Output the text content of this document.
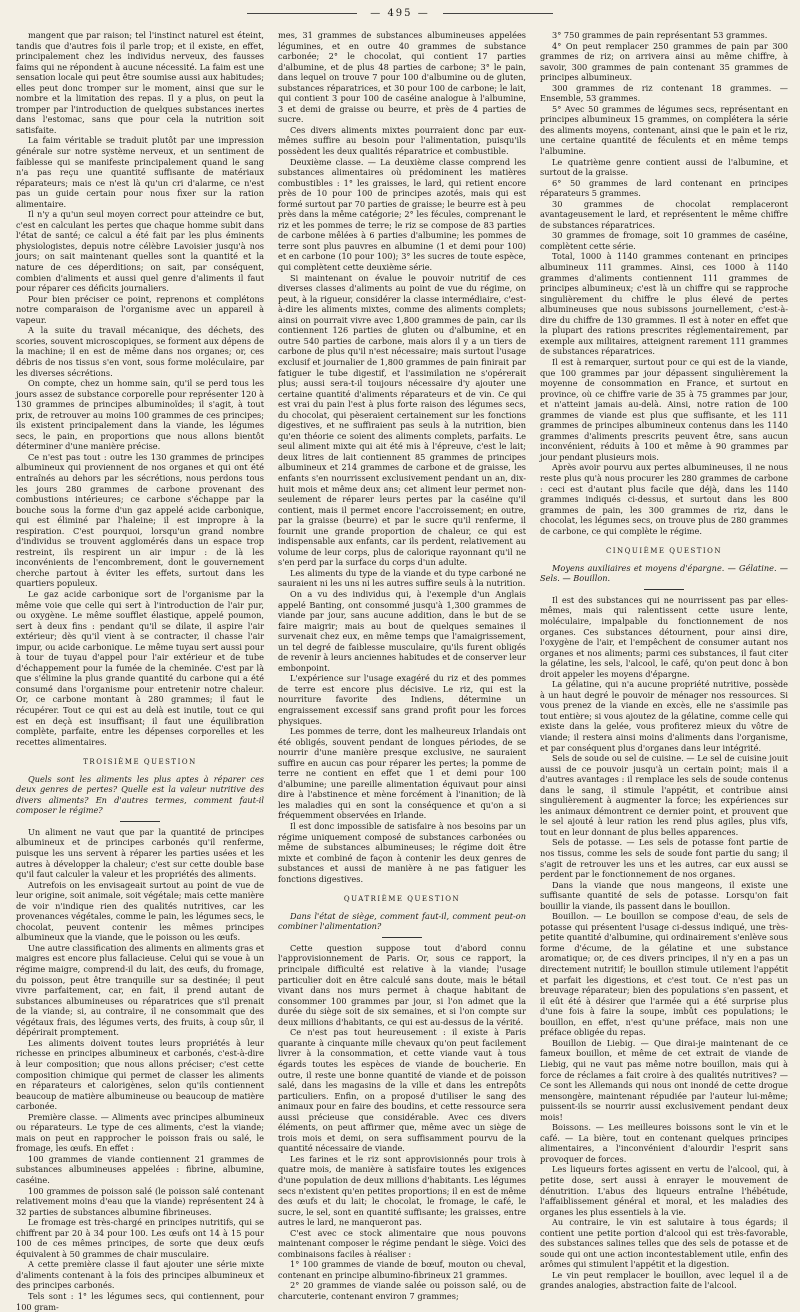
— 495 —

mangent que par raison; tel l'instinct naturel est éteint, tandis que d'autres fois il parle trop; et il existe, en effet, principalement chez les individus nerveux, des fausses faims qui ne répondent à aucune nécessité. La faim est une sensation locale qui peut être soumise aussi aux habitudes; elles peut donc tromper sur le moment, ainsi que sur le nombre et la limitation des repas. Il y a plus, on peut la tromper par l'introduction de quelques substances inertes dans l'estomac, sans que pour cela la nutrition soit satisfaite.

La faim véritable se traduit plutôt par une impression générale sur notre système nerveux, et un sentiment de faiblesse qui se manifeste principalement quand le sang n'a pas reçu une quantité suffisante de matériaux réparateurs; mais ce n'est là qu'un cri d'alarme, ce n'est pas un guide certain pour nous fixer sur la ration alimentaire.

Il n'y a qu'un seul moyen correct pour atteindre ce but, c'est en calculant les pertes que chaque homme subit dans l'état de santé; ce calcul a été fait par les plus éminents physiologistes, depuis notre célèbre Lavoisier jusqu'à nos jours; on sait maintenant quelles sont la quantité et la nature de ces déperditions; on sait, par conséquent, combien d'aliments et aussi quel genre d'aliments il faut pour réparer ces déficits journaliers.

Pour bien préciser ce point, reprenons et complétons notre comparaison de l'organisme avec un appareil à vapeur.

A la suite du travail mécanique, des déchets, des scories, souvent microscopiques, se forment aux dépens de la machine; il en est de même dans nos organes; or, ces débris de nos tissus s'en vont, sous forme moléculaire, par les diverses sécrétions.

On compte, chez un homme sain, qu'il se perd tous les jours assez de substance corporelle pour représenter 120 à 130 grammes de principes albuminoïdes; il s'agit, à tout prix, de retrouver au moins 100 grammes de ces principes; ils existent principalement dans la viande, les légumes secs, le pain, en proportions que nous allons bientôt déterminer d'une manière précise.

Ce n'est pas tout : outre les 130 grammes de principes albumineux qui proviennent de nos organes et qui ont été entraînés au dehors par les sécrétions, nous perdons tous les jours 280 grammes de carbone provenant des combustions intérieures; ce carbone s'échappe par la bouche sous la forme d'un gaz appelé acide carbonique, qui est éliminé par l'haleine; il est impropre à la respiration. C'est pourquoi, lorsqu'un grand nombre d'individus se trouvent agglomérés dans un espace trop restreint, ils respirent un air impur : de là les inconvénients de l'encombrement, dont le gouvernement cherche partout à éviter les effets, surtout dans les quartiers populeux.

Le gaz acide carbonique sort de l'organisme par la même voie que celle qui sert à l'introduction de l'air pur, ou oxygène. Le même soufflet élastique, appelé poumon, sert à deux fins : pendant qu'il se dilate, il aspire l'air extérieur; dès qu'il vient à se contracter, il chasse l'air impur, ou acide carbonique. Le même tuyau sert aussi pour à tour de tuyau d'appel pour l'air extérieur et de tube d'échappement pour la fumée de la cheminée. C'est par là que s'élimine la plus grande quantité du carbone qui a été consumé dans l'organisme pour entretenir notre chaleur. Or, ce carbone montant à 280 grammes; il faut le récupérer. Tout ce qui est au delà est inutile, tout ce qui est en deçà est insuffisant; il faut une équilibration complète, parfaite, entre les dépenses corporelles et les recettes alimentaires.

TROISIÈME QUESTION

Quels sont les aliments les plus aptes à réparer ces deux genres de pertes? Quelle est la valeur nutritive des divers aliments? En d'autres termes, comment faut-il composer le régime?

Un aliment ne vaut que par la quantité de principes albumineux et de principes carbonés qu'il renferme, puisque les uns servent à réparer les parties usées et les autres à développer la chaleur; c'est sur cette double base qu'il faut calculer la valeur et les propriétés des aliments.

Autrefois on les envisageait surtout au point de vue de leur origine, soit animale, soit végétale; mais cette manière de voir n'indique rien des qualités nutritives, car les provenances végétales, comme le pain, les légumes secs, le chocolat, peuvent contenir les mêmes principes albumineux que la viande, que le poisson ou les œufs.

Une autre classification des aliments en aliments gras et maigres est encore plus fallacieuse. Celui qui se voue à un régime maigre, comprend-il du lait, des œufs, du fromage, du poisson, peut être tranquille sur sa destinée; il peut vivre parfaitement, car, en fait, il prend autant de substances albumineuses ou réparatrices que s'il prenait de la viande; si, au contraire, il ne consommait que des végétaux frais, des légumes verts, des fruits, à coup sûr, il dépérirait promptement.

Les aliments doivent toutes leurs propriétés à leur richesse en principes albumineux et carbonés, c'est-à-dire à leur composition; que nous allons préciser; c'est cette composition chimique qui permet de classer les aliments en réparateurs et calorigènes, selon qu'ils contiennent beaucoup de matière albumineuse ou beaucoup de matière carbonée.

Première classe. — Aliments avec principes albumineux ou réparateurs. Le type de ces aliments, c'est la viande; mais on peut en rapprocher le poisson frais ou salé, le fromage, les œufs. En effet :

100 grammes de viande contiennent 21 grammes de substances albumineuses appelées : fibrine, albumine, caséine.

100 grammes de poisson salé (le poisson salé contenant relativement moins d'eau que la viande) représentent 24 à 32 parties de substances albumine fibrineuses.

Le fromage est très-chargé en principes nutritifs, qui se chiffrent par 20 à 34 pour 100. Les œufs ont 14 à 15 pour 100 de ces mêmes principes, de sorte que deux œufs équivalent à 50 grammes de chair musculaire.

A cette première classe il faut ajouter une série mixte d'aliments contenant à la fois des principes albumineux et des principes carbonés.

Tels sont : 1° les légumes secs, qui contiennent, pour 100 gram-

mes, 31 grammes de substances albumineuses appelées légumines, et en outre 40 grammes de substance carbonée; 2° le chocolat, qui contient 17 parties d'albumine, et de plus 48 parties de carbone; 3° le pain, dans lequel on trouve 7 pour 100 d'albumine ou de gluten, substances réparatrices, et 30 pour 100 de carbone; le lait, qui contient 3 pour 100 de caséine analogue à l'albumine, 3 et demi de graisse ou beurre, et près de 4 parties de sucre.

Ces divers aliments mixtes pourraient donc par eux-mêmes suffire au besoin pour l'alimentation, puisqu'ils possèdent les deux qualités réparatrice et combustible.

Deuxième classe. — La deuxième classe comprend les substances alimentaires où prédominent les matières combustibles : 1° les graisses, le lard, qui retient encore près de 10 pour 100 de principes azotés, mais qui est formé surtout par 70 parties de graisse; le beurre est à peu près dans la même catégorie; 2° les fécules, comprenant le riz et les pommes de terre; le riz se compose de 83 parties de carbone mêlées à 6 parties d'albumine; les pommes de terre sont plus pauvres en albumine (1 et demi pour 100) et en carbone (10 pour 100); 3° les sucres de toute espèce, qui complètent cette deuxième série.

Si maintenant on évalue le pouvoir nutritif de ces diverses classes d'aliments au point de vue du régime, on peut, à la rigueur, considérer la classe intermédiaire, c'est-à-dire les aliments mixtes, comme des aliments complets; ainsi on pourrait vivre avec 1,800 grammes de pain, car ils contiennent 126 parties de gluten ou d'albumine, et en outre 540 parties de carbone, mais alors il y a un tiers de carbone de plus qu'il n'est nécessaire; mais surtout l'usage exclusif et journalier de 1,800 grammes de pain finirait par fatiguer le tube digestif, et l'assimilation ne s'opérerait plus; aussi sera-t-il toujours nécessaire d'y ajouter une certaine quantité d'aliments réparateurs et de vin. Ce qui est vrai du pain l'est à plus forte raison des légumes secs, du chocolat, qui pèseraient certainement sur les fonctions digestives, et ne suffiraient pas seuls à la nutrition, bien qu'en théorie ce soient des aliments complets, parfaits. Le seul aliment mixte qui ait été mis à l'épreuve, c'est le lait; deux litres de lait contiennent 85 grammes de principes albumineux et 214 grammes de carbone et de graisse, les enfants s'en nourrissent exclusivement pendant un an, dix-huit mois et même deux ans; cet aliment leur permet non-seulement de réparer leurs pertes par la caséine qu'il contient, mais il permet encore l'accroissement; en outre, par la graisse (beurre) et par le sucre qu'il renferme, il fournit une grande proportion de chaleur, ce qui est indispensable aux enfants, car ils perdent, relativement au volume de leur corps, plus de calorique rayonnant qu'il ne s'en perd par la surface du corps d'un adulte.

Les aliments du type de la viande et du type carboné ne sauraient ni les uns ni les autres suffire seuls à la nutrition.

On a vu des individus qui, à l'exemple d'un Anglais appelé Banting, ont consommé jusqu'à 1,300 grammes de viande par jour, sans aucune addition, dans le but de se faire maigrir; mais au bout de quelques semaines il survenait chez eux, en même temps que l'amaigrissement, un tel degré de faiblesse musculaire, qu'ils furent obligés de revenir à leurs anciennes habitudes et de conserver leur embonpoint.

L'expérience sur l'usage exagéré du riz et des pommes de terre est encore plus décisive. Le riz, qui est la nourriture favorite des Indiens, détermine un engraissement excessif sans grand profit pour les forces physiques.

Les pommes de terre, dont les malheureux Irlandais ont été obligés, souvent pendant de longues périodes, de se nourrir d'une manière presque exclusive, ne sauraient suffire en aucun cas pour réparer les pertes; la pomme de terre ne contient en effet que 1 et demi pour 100 d'albumine; une pareille alimentation équivaut pour ainsi dire à l'abstinence et mène forcément à l'inanition; de là les maladies qui en sont la conséquence et qu'on a si fréquemment observées en Irlande.

Il est donc impossible de satisfaire à nos besoins par un régime uniquement composé de substances carbonées ou même de substances albumineuses; le régime doit être mixte et combiné de façon à contenir les deux genres de substances et aussi de manière à ne pas fatiguer les fonctions digestives.

QUATRIÈME QUESTION

Dans l'état de siège, comment faut-il, comment peut-on combiner l'alimentation?

Cette question suppose tout d'abord connu l'approvisionnement de Paris. Or, sous ce rapport, la principale difficulté est relative à la viande; l'usage particulier doit en être calculé sans doute, mais le bétail vivant dans nos murs permet à chaque habitant de consommer 100 grammes par jour, si l'on admet que la durée du siège soit de six semaines, et si l'on compte sur deux millions d'habitants, ce qui est au-dessus de la vérité.

Ce n'est pas tout heureusement : il existe à Paris quarante à cinquante mille chevaux qu'on peut facilement livrer à la consommation, et cette viande vaut à tous égards toutes les espèces de viande de boucherie. En outre, il reste une bonne quantité de viande et de poisson salé, dans les magasins de la ville et dans les entrepôts particuliers. Enfin, on a proposé d'utiliser le sang des animaux pour en faire des boudins, et cette ressource sera aussi précieuse que considérable. Avec ces divers éléments, on peut affirmer que, même avec un siège de trois mois et demi, on sera suffisamment pourvu de la quantité nécessaire de viande.

Les farines et le riz sont approvisionnés pour trois à quatre mois, de manière à satisfaire toutes les exigences d'une population de deux millions d'habitants. Les légumes secs n'existent qu'en petites proportions; il en est de même des œufs et du lait; le chocolat, le fromage, le café, le sucre, le sel, sont en quantité suffisante; les graisses, entre autres le lard, ne manqueront pas.

C'est avec ce stock alimentaire que nous pouvons maintenant composer le régime pendant le siège. Voici des combinaisons faciles à réaliser :

1° 100 grammes de viande de bœuf, mouton ou cheval, contenant en principe albumino-fibrineux 21 grammes.

2° 20 grammes de viande salée ou poisson salé, ou de charcuterie, contenant environ 7 grammes;

3° 750 grammes de pain représentant 53 grammes.

4° On peut remplacer 250 grammes de pain par 300 grammes de riz; on arrivera ainsi au même chiffre, à savoir, 300 grammes de pain contenant 35 grammes de principes albumineux.

300 grammes de riz contenant 18 grammes. — Ensemble, 53 grammes.

5° Avec 50 grammes de légumes secs, représentant en principes albumineux 15 grammes, on complétera la série des aliments moyens, contenant, ainsi que le pain et le riz, une certaine quantité de féculents et en même temps l'albumine.

Le quatrième genre contient aussi de l'albumine, et surtout de la graisse.

6° 50 grammes de lard contenant en principes réparateurs 5 grammes.

30 grammes de chocolat remplaceront avantageusement le lard, et représentent le même chiffre de substances réparatrices.

30 grammes de fromage, soit 10 grammes de caséine, complètent cette série.

Total, 1000 à 1140 grammes contenant en principes albumineux 111 grammes. Ainsi, ces 1000 à 1140 grammes d'aliments contiennent 111 grammes de principes albumineux; c'est là un chiffre qui se rapproche singulièrement du chiffre le plus élevé de pertes albumineuses que nous subissons journellement, c'est-à-dire du chiffre de 130 grammes. Il est à noter en effet que la plupart des rations prescrites réglementairement, par exemple aux militaires, atteignent rarement 111 grammes de substances réparatrices.

Il est à remarquer, surtout pour ce qui est de la viande, que 100 grammes par jour dépassent singulièrement la moyenne de consommation en France, et surtout en province, où ce chiffre varie de 35 à 75 grammes par jour, et n'atteint jamais au-delà. Ainsi, notre ration de 100 grammes de viande est plus que suffisante, et les 111 grammes de principes albumineux contenus dans les 1140 grammes d'aliments prescrits peuvent être, sans aucun inconvénient, réduits à 100 et même à 90 grammes par jour pendant plusieurs mois.

Après avoir pourvu aux pertes albumineuses, il ne nous reste plus qu'à nous procurer les 280 grammes de carbone : ceci est d'autant plus facile que déjà, dans les 1140 grammes indiqués ci-dessus, et surtout dans les 800 grammes de pain, les 300 grammes de riz, dans le chocolat, les légumes secs, on trouve plus de 280 grammes de carbone, ce qui complète le régime.

CINQUIÈME QUESTION

Moyens auxiliaires et moyens d'épargne. — Gélatine. — Sels. — Bouillon.

Il est des substances qui ne nourrissent pas par elles-mêmes, mais qui ralentissent cette usure lente, moléculaire, impalpable du fonctionnement de nos organes. Ces substances détournent, pour ainsi dire, l'oxygène de l'air, et l'empêchent de consumer autant nos organes et nos aliments; parmi ces substances, il faut citer la gélatine, les sels, l'alcool, le café, qu'on peut donc à bon droit appeler les moyens d'épargne.

La gélatine, qui n'a aucune propriété nutritive, possède à un haut degré le pouvoir de ménager nos ressources. Si vous prenez de la viande en excès, elle ne s'assimile pas tout entière; si vous ajoutez de la gélatine, comme celle qui existe dans la gelée, vous profiterez mieux du vôtre de viande; il restera ainsi moins d'aliments dans l'organisme, et par conséquent plus d'organes dans leur intégrité.

Sels de soude ou sel de cuisine. — Le sel de cuisine jouit aussi de ce pouvoir jusqu'à un certain point; mais il a d'autres avantages : il remplace les sels de soude contenus dans le sang, il stimule l'appétit, et contribue ainsi singulièrement à augmenter la force; les expériences sur les animaux démontrent ce dernier point, et prouvent que le sel ajouté à leur ration les rend plus agiles, plus vifs, tout en leur donnant de plus belles apparences.

Sels de potasse. — Les sels de potasse font partie de nos tissus, comme les sels de soude font partie du sang; il s'agit de retrouver les uns et les autres, car eux aussi se perdent par le fonctionnement de nos organes.

Dans la viande que nous mangeons, il existe une suffisante quantité de sels de potasse. Lorsqu'on fait bouillir la viande, ils passent dans le bouillon.

Bouillon. — Le bouillon se compose d'eau, de sels de potasse qui présentent l'usage ci-dessus indiqué, une très-petite quantité d'albumine, qui ordinairement s'enlève sous forme d'écume, de la gélatine et une substance aromatique; or, de ces divers principes, il n'y en a pas un directement nutritif; le bouillon stimule utilement l'appétit et parfait les digestions, et c'est tout. Ce n'est pas un breuvage réparateur; bien des populations s'en passent, et il eût été à désirer que l'armée qui a été surprise plus d'une fois à faire la soupe, imbût ces populations; le bouillon, en effet, n'est qu'une préface, mais non une préface obligée du repas.

Bouillon de Liebig. — Que dirai-je maintenant de ce fameux bouillon, et même de cet extrait de viande de Liebig, qui ne vaut pas même notre bouillon, mais qui à force de réclames a fait croire à des qualités nutritives? — Ce sont les Allemands qui nous ont inondé de cette drogue mensongère, maintenant répudiée par l'auteur lui-même; puissent-ils se nourrir aussi exclusivement pendant deux mois!

Boissons. — Les meilleures boissons sont le vin et le café. — La bière, tout en contenant quelques principes alimentaires, a l'inconvénient d'alourdir l'esprit sans provoquer de forces.

Les liqueurs fortes agissent en vertu de l'alcool, qui, à petite dose, sert aussi à enrayer le mouvement de dénutrition. L'abus des liqueurs entraîne l'hébétude, l'affaiblissement général et moral, et les maladies des organes les plus essentiels à la vie.

Au contraire, le vin est salutaire à tous égards; il contient une petite portion d'alcool qui est très-favorable, des substances salines telles que des sels de potasse et de soude qui ont une action incontestablement utile, enfin des arômes qui stimulent l'appétit et la digestion.

Le vin peut remplacer le bouillon, avec lequel il a de grandes analogies, abstraction faite de l'alcool.
